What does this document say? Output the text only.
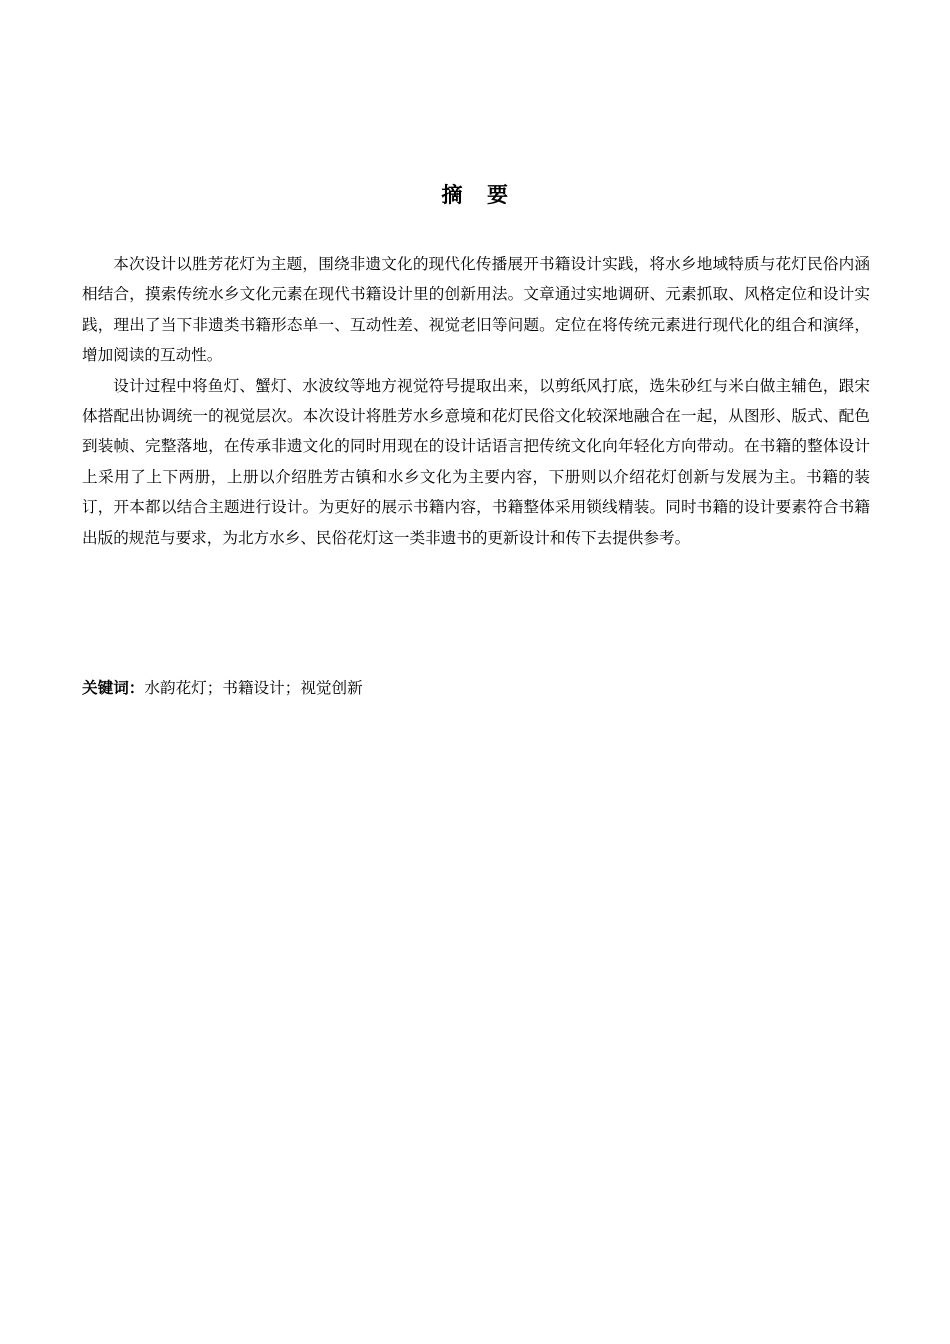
摘 要

本次设计以胜芳花灯为主题，围绕非遗文化的现代化传播展开书籍设计实践，将水乡地域特质与花灯民俗内涵相结合，摸索传统水乡文化元素在现代书籍设计里的创新用法。文章通过实地调研、元素抓取、风格定位和设计实践，理出了当下非遗类书籍形态单一、互动性差、视觉老旧等问题。定位在将传统元素进行现代化的组合和演绎，增加阅读的互动性。

设计过程中将鱼灯、蟹灯、水波纹等地方视觉符号提取出来，以剪纸风打底，选朱砂红与米白做主辅色，跟宋体搭配出协调统一的视觉层次。本次设计将胜芳水乡意境和花灯民俗文化较深地融合在一起，从图形、版式、配色到装帧、完整落地，在传承非遗文化的同时用现在的设计话语言把传统文化向年轻化方向带动。在书籍的整体设计上采用了上下两册，上册以介绍胜芳古镇和水乡文化为主要内容，下册则以介绍花灯创新与发展为主。书籍的装订，开本都以结合主题进行设计。为更好的展示书籍内容，书籍整体采用锁线精装。同时书籍的设计要素符合书籍出版的规范与要求，为北方水乡、民俗花灯这一类非遗书的更新设计和传下去提供参考。

关键词：水韵花灯；书籍设计；视觉创新
